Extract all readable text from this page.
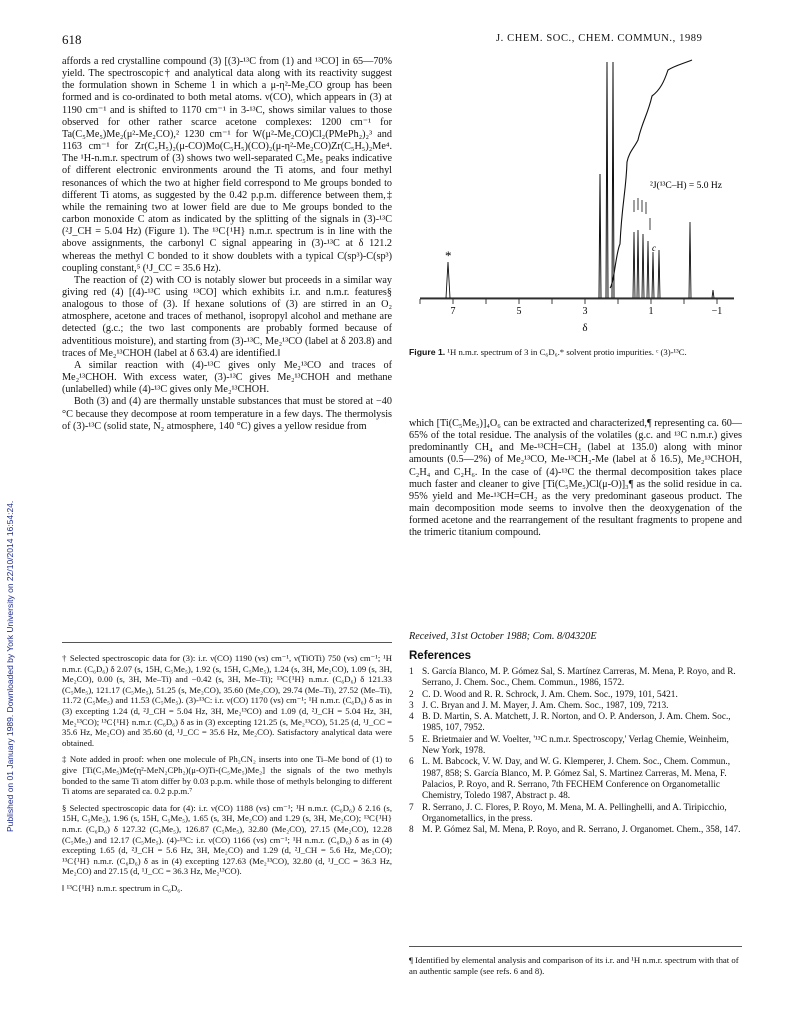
618	J. CHEM. SOC., CHEM. COMMUN., 1989
Published on 01 January 1989. Downloaded by York University on 22/10/2014 16:54:24.

affords a red crystalline compound (3) [(3)-¹³C from (1) and ¹³CO] in 65—70% yield. The spectroscopic† and analytical data along with its reactivity suggest the formulation shown in Scheme 1 in which a μ-η²-Me₂CO group has been formed and is co-ordinated to both metal atoms. ν(CO), which appears in (3) at 1190 cm⁻¹ and is shifted to 1170 cm⁻¹ in 3-¹³C, shows similar values to those observed for other rather scarce acetone complexes: 1200 cm⁻¹ for Ta(C₅Me₅)Me₂(μ²-Me₂CO),² 1230 cm⁻¹ for W(μ²-Me₂CO)Cl₂(PMePh₂)₂³ and 1163 cm⁻¹ for Zr(C₅H₅)₂(μ-CO)Mo(C₅H₅)(CO)₂(μ-η²-Me₂CO)Zr(C₅H₅)₂Me⁴. The ¹H-n.m.r. spectrum of (3) shows two well-separated C₅Me₅ peaks indicative of different electronic environments around the Ti atoms, and four methyl resonances of which the two at higher field correspond to Me groups bonded to different Ti atoms, as suggested by the 0.42 p.p.m. difference between them,‡ while the remaining two at lower field are due to Me groups bonded to the carbon monoxide C atom as indicated by the splitting of the signals in (3)-¹³C (²J_CH = 5.04 Hz) (Figure 1). The ¹³C{¹H} n.m.r. spectrum is in line with the above assignments, the carbonyl C signal appearing in (3)-¹³C at δ 121.2 whereas the methyl C bonded to it show doublets with a typical C(sp³)-C(sp³) coupling constant,⁵ (¹J_CC = 35.6 Hz).

The reaction of (2) with CO is notably slower but proceeds in a similar way giving red (4) [(4)-¹³C using ¹³CO] which exhibits i.r. and n.m.r. features§ analogous to those of (3). If hexane solutions of (3) are stirred in an O₂ atmosphere, acetone and traces of methanol, isopropyl alcohol and methane are detected (g.c.; the two last components are probably formed because of adventitious moisture), and starting from (3)-¹³C, Me₂¹³CO (label at δ 203.8) and traces of Me₂¹³CHOH (label at δ 63.4) are identified.‖

A similar reaction with (4)-¹³C gives only Me₂¹³CO and traces of Me₂¹³CHOH. With excess water, (3)-¹³C gives Me₂¹³CHOH and methane (unlabelled) while (4)-¹³C gives only Me₂¹³CHOH.

Both (3) and (4) are thermally unstable substances that must be stored at −40 °C because they decompose at room temperature in a few days. The thermolysis of (3)-¹³C (solid state, N₂ atmosphere, 140 °C) gives a yellow residue from

† Selected spectroscopic data for (3): i.r. ν(CO) 1190 (vs) cm⁻¹, ν(TiOTi) 750 (vs) cm⁻¹; ¹H n.m.r. (C₆D₆) δ 2.07 (s, 15H, C₅Me₅), 1.92 (s, 15H, C₅Me₅), 1.24 (s, 3H, Me₂CO), 1.09 (s, 3H, Me₂CO), 0.00 (s, 3H, Me–Ti) and −0.42 (s, 3H, Me–Ti); ¹³C{¹H} n.m.r. (C₆D₆) δ 121.33 (C₅Me₅), 121.17 (C₅Me₅), 51.25 (s, Me₂CO), 35.60 (Me₂CO), 29.74 (Me–Ti), 27.52 (Me–Ti), 11.72 (C₅Me₅) and 11.53 (C₅Me₅). (3)-¹³C: i.r. ν(CO) 1170 (vs) cm⁻¹; ¹H n.m.r. (C₆D₆) δ as in (3) excepting 1.24 (d, ²J_CH = 5.04 Hz, 3H, Me₂¹³CO) and 1.09 (d, ²J_CH = 5.04 Hz, 3H, Me₂¹³CO); ¹³C{¹H} n.m.r. (C₆D₆) δ as in (3) excepting 121.25 (s, Me₂¹³CO), 51.25 (d, ¹J_CC = 35.6 Hz, Me₂CO) and 35.60 (d, ¹J_CC = 35.6 Hz, Me₂CO). Satisfactory analytical data were obtained.

‡ Note added in proof: when one molecule of Ph₂CN₂ inserts into one Ti–Me bond of (1) to give [Ti(C₅Me₅)Me(η²-MeN₂CPh₂)(μ-O)Ti-(C₅Me₅)Me₂] the signals of the two methyls bonded to the same Ti atom differ by 0.03 p.p.m. while those of methyls belonging to different Ti atoms are separated ca. 0.2 p.p.m.⁷

§ Selected spectroscopic data for (4): i.r. ν(CO) 1188 (vs) cm⁻¹; ¹H n.m.r. (C₆D₆) δ 2.16 (s, 15H, C₅Me₅), 1.96 (s, 15H, C₅Me₅), 1.65 (s, 3H, Me₂CO) and 1.29 (s, 3H, Me₂CO); ¹³C{¹H} n.m.r. (C₆D₆) δ 127.32 (C₅Me₅), 126.87 (C₅Me₅), 32.80 (Me₂CO), 27.15 (Me₂CO), 12.28 (C₅Me₅) and 12.17 (C₅Me₅). (4)-¹³C: i.r. ν(CO) 1166 (vs) cm⁻¹; ¹H n.m.r. (C₆D₆) δ as in (4) excepting 1.65 (d, ²J_CH = 5.6 Hz, 3H, Me₂CO) and 1.29 (d, ²J_CH = 5.6 Hz, Me₂CO); ¹³C{¹H} n.m.r. (C₆D₆) δ as in (4) excepting 127.63 (Me₂¹³CO), 32.80 (d, ¹J_CC = 36.3 Hz, Me₂CO) and 27.15 (d, ¹J_CC = 36.3 Hz, Me₂¹³CO).

‖ ¹³C{¹H} n.m.r. spectrum in C₆D₆.

7	5	3	1	−1
δ
*	c
²J(¹³C–H) = 5.0 Hz
Figure 1. ¹H n.m.r. spectrum of 3 in C₆D₆.* solvent protio impurities. ᶜ (3)-¹³C.

which [Ti(C₅Me₅)]₄O₆ can be extracted and characterized,¶ representing ca. 60—65% of the total residue. The analysis of the volatiles (g.c. and ¹³C n.m.r.) gives predominantly CH₄ and Me-¹³CH=CH₂ (label at 135.0) along with minor amounts (0.5—2%) of Me₂¹³CO, Me-¹³CH₂-Me (label at δ 16.5), Me₂¹³CHOH, C₂H₄ and C₂H₆. In the case of (4)-¹³C the thermal decomposition takes place much faster and cleaner to give [Ti(C₅Me₅)Cl(μ-O)]₃¶ as the solid residue in ca. 95% yield and Me-¹³CH=CH₂ as the very predominant gaseous product. The main decomposition mode seems to involve then the deoxygenation of the formed acetone and the rearrangement of the resultant fragments to propene and the trimeric titanium compound.

Received, 31st October 1988; Com. 8/04320E
References
1 S. García Blanco, M. P. Gómez Sal, S. Martínez Carreras, M. Mena, P. Royo, and R. Serrano, J. Chem. Soc., Chem. Commun., 1986, 1572.
2 C. D. Wood and R. R. Schrock, J. Am. Chem. Soc., 1979, 101, 5421.
3 J. C. Bryan and J. M. Mayer, J. Am. Chem. Soc., 1987, 109, 7213.
4 B. D. Martin, S. A. Matchett, J. R. Norton, and O. P. Anderson, J. Am. Chem. Soc., 1985, 107, 7952.
5 E. Brietmaier and W. Voelter, '¹³C n.m.r. Spectroscopy,' Verlag Chemie, Weinheim, New York, 1978.
6 L. M. Babcock, V. W. Day, and W. G. Klemperer, J. Chem. Soc., Chem. Commun., 1987, 858; S. García Blanco, M. P. Gómez Sal, S. Martinez Carreras, M. Mena, F. Palacios, P. Royo, and R. Serrano, 7th FECHEM Conference on Organometallic Chemistry, Toledo 1987, Abstract p. 48.
7 R. Serrano, J. C. Flores, P. Royo, M. Mena, M. A. Pellinghelli, and A. Tiripicchio, Organometallics, in the press.
8 M. P. Gómez Sal, M. Mena, P. Royo, and R. Serrano, J. Organomet. Chem., 358, 147.
¶ Identified by elemental analysis and comparison of its i.r. and ¹H n.m.r. spectrum with that of an authentic sample (see refs. 6 and 8).
